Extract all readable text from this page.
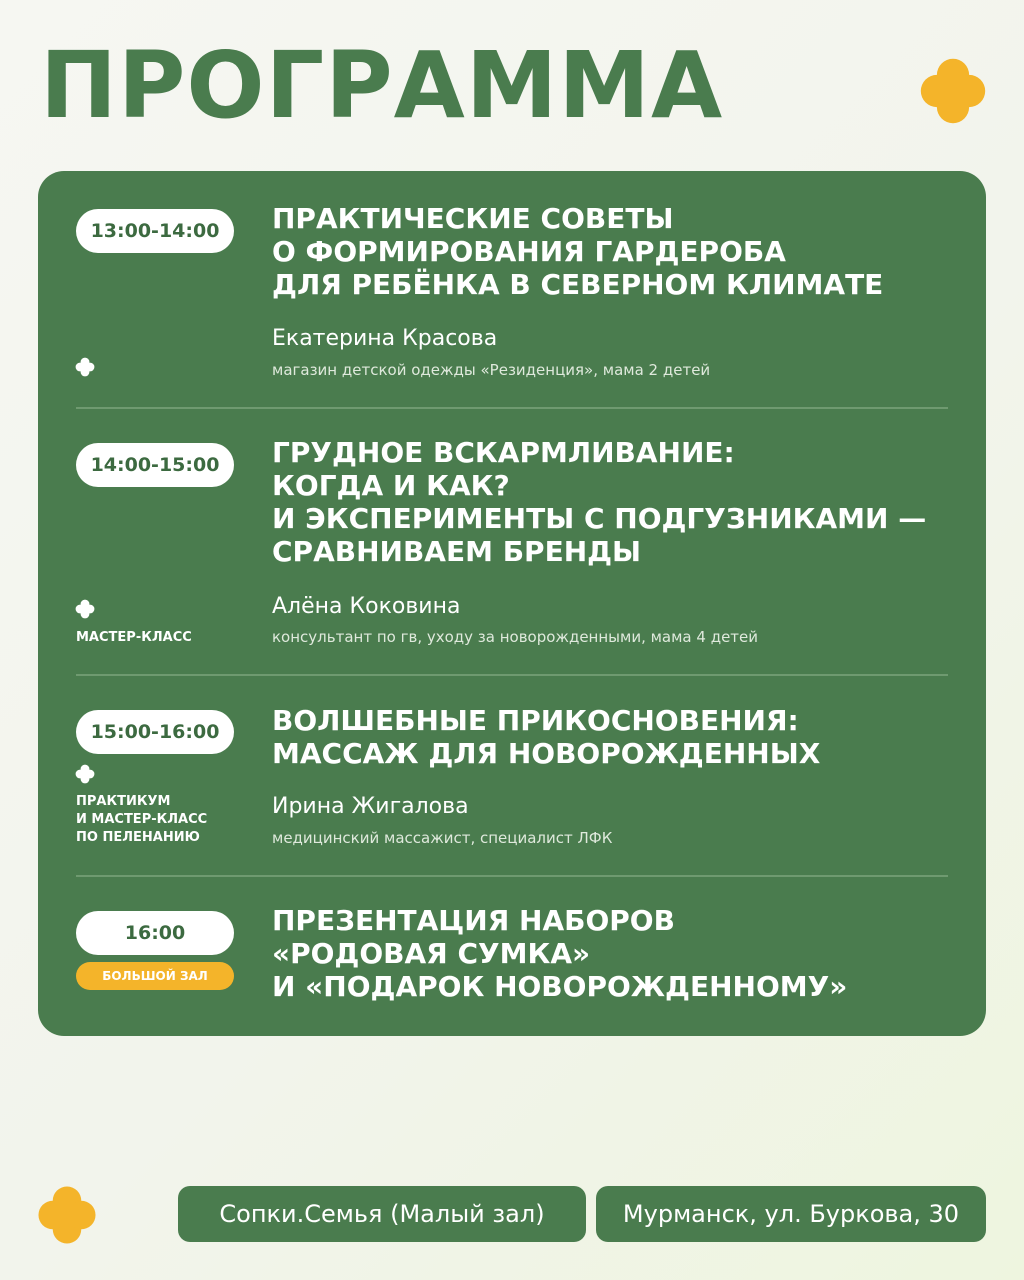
ПРОГРАММА
13:00-14:00	ПРАКТИЧЕСКИЕ СОВЕТЫ
О ФОРМИРОВАНИЯ ГАРДЕРОБА
ДЛЯ РЕБЁНКА В СЕВЕРНОМ КЛИМАТЕ
Екатерина Красова
магазин детской одежды «Резиденция», мама 2 детей
14:00-15:00	ГРУДНОЕ ВСКАРМЛИВАНИЕ:
КОГДА И КАК?
И ЭКСПЕРИМЕНТЫ С ПОДГУЗНИКАМИ —
СРАВНИВАЕМ БРЕНДЫ
МАСТЕР-КЛАСС
Алёна Коковина
консультант по гв, уходу за новорожденными, мама 4 детей
15:00-16:00	ВОЛШЕБНЫЕ ПРИКОСНОВЕНИЯ:
МАССАЖ ДЛЯ НОВОРОЖДЕННЫХ
ПРАКТИКУМ
И МАСТЕР-КЛАСС
ПО ПЕЛЕНАНИЮ
Ирина Жигалова
медицинский массажист, специалист ЛФК
16:00
БОЛЬШОЙ ЗАЛ
ПРЕЗЕНТАЦИЯ НАБОРОВ
«РОДОВАЯ СУМКА»
И «ПОДАРОК НОВОРОЖДЕННОМУ»
Сопки.Семья (Малый зал)	Мурманск, ул. Буркова, 30
